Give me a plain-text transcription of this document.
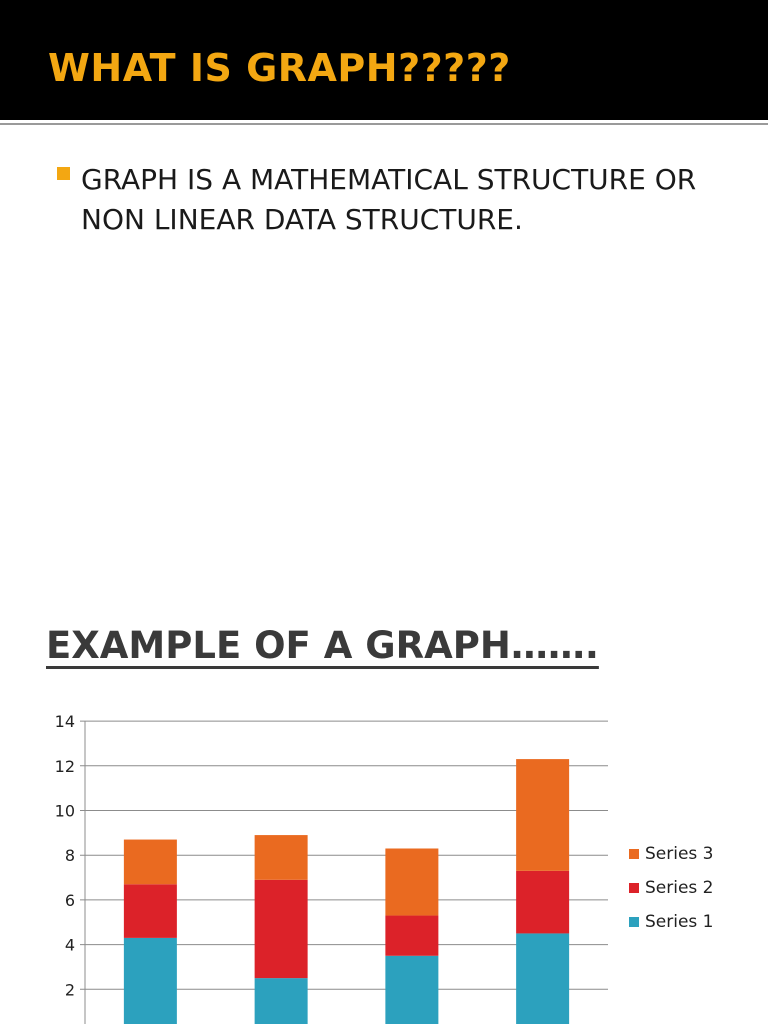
WHAT IS GRAPH?????

GRAPH IS A MATHEMATICAL STRUCTURE OR NON LINEAR DATA STRUCTURE.

EXAMPLE OF A GRAPH…….
2
4
6
8
10
12
14
Series 3
Series 2
Series 1
